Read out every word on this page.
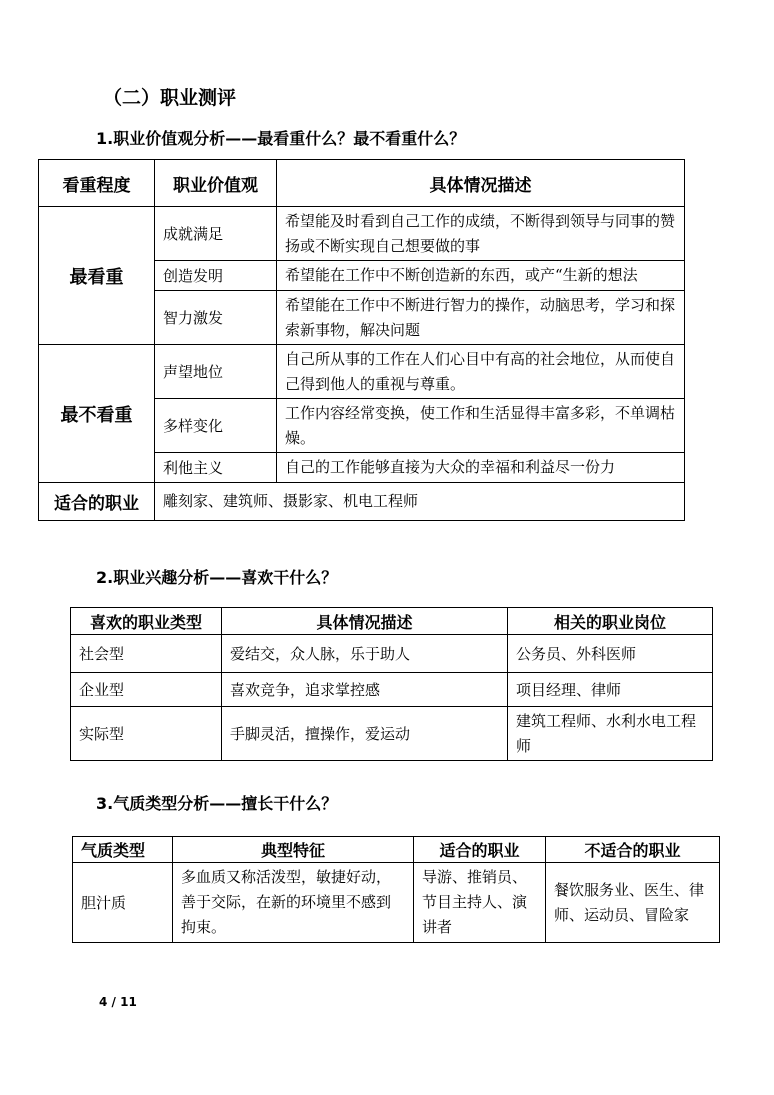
（二）职业测评
1.职业价值观分析——最看重什么？最不看重什么？
看重程度	职业价值观	具体情况描述
最看重	成就满足	希望能及时看到自己工作的成绩，不断得到领导与同事的赞扬或不断实现自己想要做的事
	创造发明	希望能在工作中不断创造新的东西，或产“生新的想法
	智力激发	希望能在工作中不断进行智力的操作，动脑思考，学习和探索新事物，解决问题
最不看重	声望地位	自己所从事的工作在人们心目中有高的社会地位，从而使自己得到他人的重视与尊重。
	多样变化	工作内容经常变换，使工作和生活显得丰富多彩，不单调枯燥。
	利他主义	自己的工作能够直接为大众的幸福和利益尽一份力
适合的职业	雕刻家、建筑师、摄影家、机电工程师	
2.职业兴趣分析——喜欢干什么？
喜欢的职业类型	具体情况描述	相关的职业岗位
社会型	爱结交，众人脉，乐于助人	公务员、外科医师
企业型	喜欢竞争，追求掌控感	项目经理、律师
实际型	手脚灵活，擅操作，爱运动	建筑工程师、水利水电工程师
3.气质类型分析——擅长干什么？
气质类型	典型特征	适合的职业	不适合的职业
胆汁质	多血质又称活泼型，敏捷好动，善于交际，在新的环境里不感到拘束。	导游、推销员、节目主持人、演讲者	餐饮服务业、医生、律师、运动员、冒险家
4 / 11
